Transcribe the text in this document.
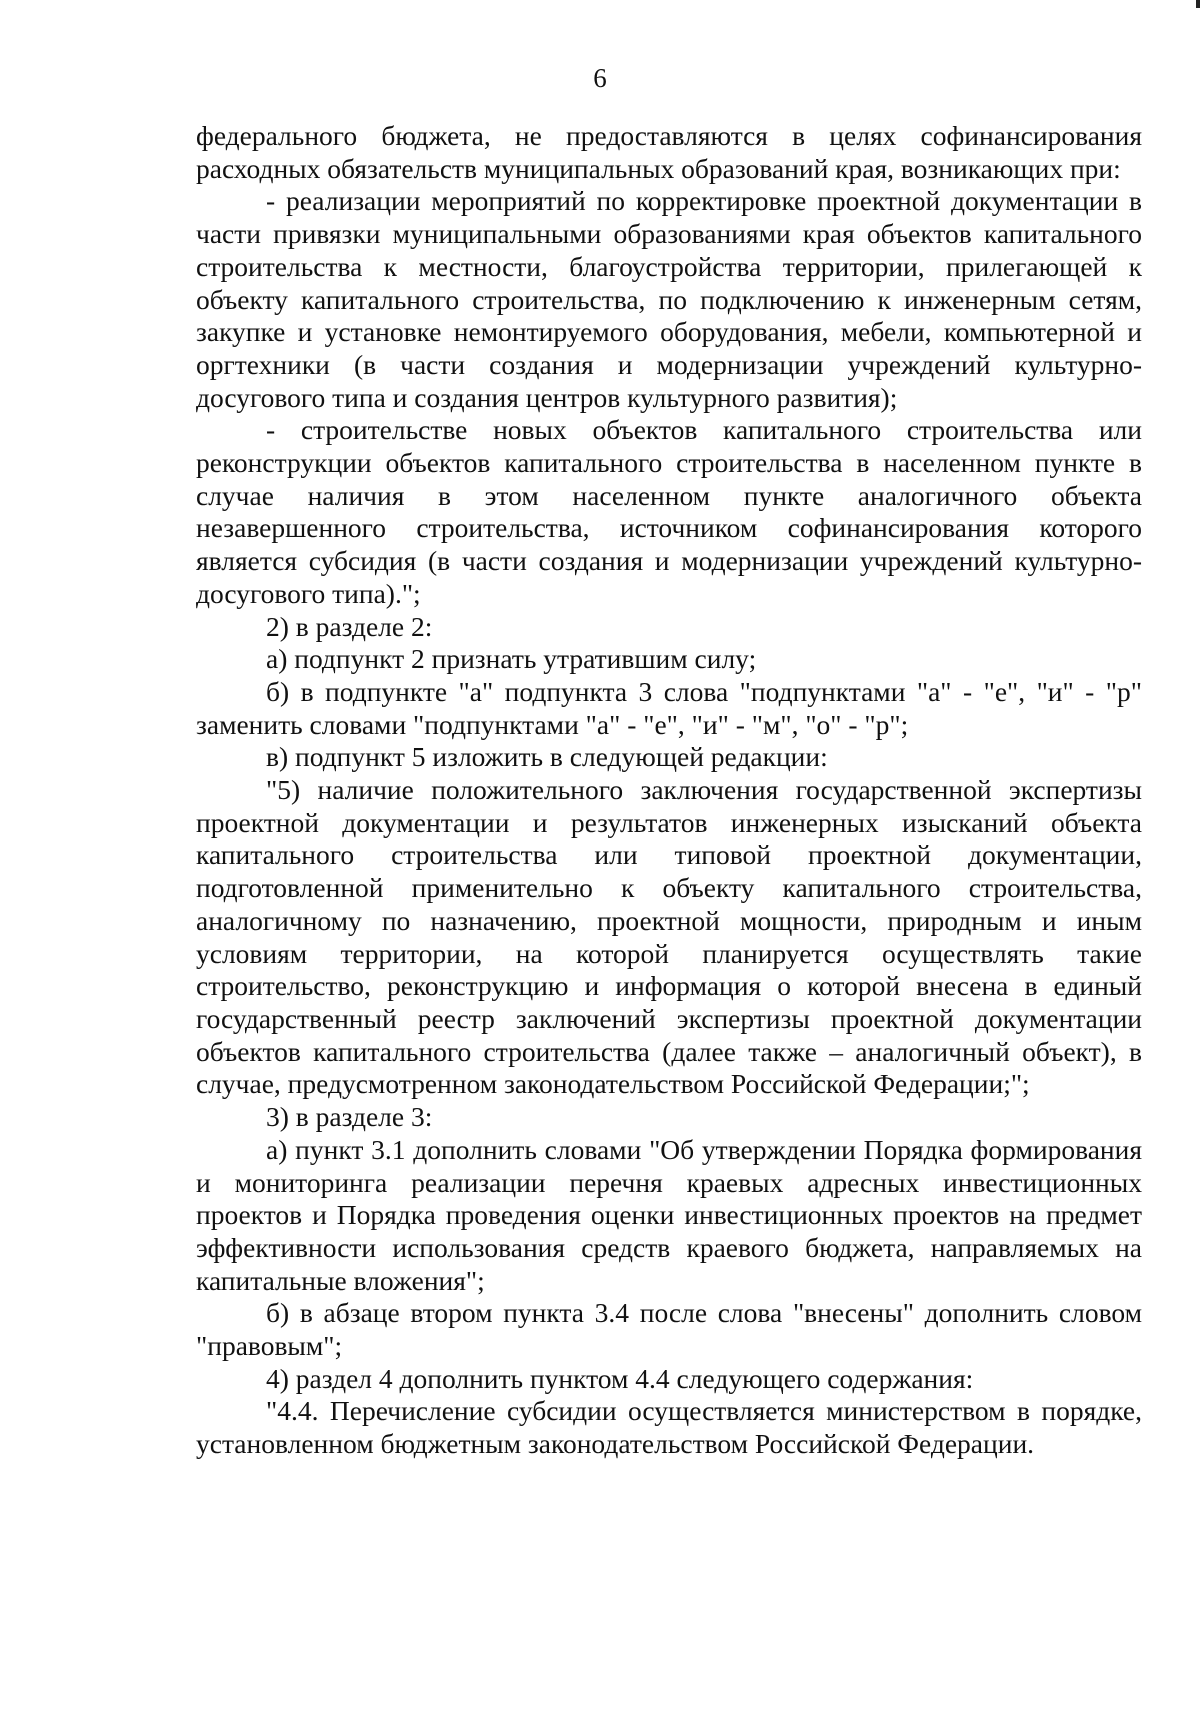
6

федерального бюджета, не предоставляются в целях софинансирования расходных обязательств муниципальных образований края, возникающих при:

- реализации мероприятий по корректировке проектной документации в части привязки муниципальными образованиями края объектов капитального строительства к местности, благоустройства территории, прилегающей к объекту капитального строительства, по подключению к инженерным сетям, закупке и установке немонтируемого оборудования, мебели, компьютерной и оргтехники (в части создания и модернизации учреждений культурно-досугового типа и создания центров культурного развития);

- строительстве новых объектов капитального строительства или реконструкции объектов капитального строительства в населенном пункте в случае наличия в этом населенном пункте аналогичного объекта незавершенного строительства, источником софинансирования которого является субсидия (в части создания и модернизации учреждений культурно-досугового типа).";

2) в разделе 2:

а) подпункт 2 признать утратившим силу;

б) в подпункте "а" подпункта 3 слова "подпунктами "а" - "е", "и" - "р" заменить словами "подпунктами "а" - "е", "и" - "м", "о" - "р";

в) подпункт 5 изложить в следующей редакции:

"5) наличие положительного заключения государственной экспертизы проектной документации и результатов инженерных изысканий объекта капитального строительства или типовой проектной документации, подготовленной применительно к объекту капитального строительства, аналогичному по назначению, проектной мощности, природным и иным условиям территории, на которой планируется осуществлять такие строительство, реконструкцию и информация о которой внесена в единый государственный реестр заключений экспертизы проектной документации объектов капитального строительства (далее также – аналогичный объект), в случае, предусмотренном законодательством Российской Федерации;";

3) в разделе 3:

а) пункт 3.1 дополнить словами "Об утверждении Порядка формирования и мониторинга реализации перечня краевых адресных инвестиционных проектов и Порядка проведения оценки инвестиционных проектов на предмет эффективности использования средств краевого бюджета, направляемых на капитальные вложения";

б) в абзаце втором пункта 3.4 после слова "внесены" дополнить словом "правовым";

4) раздел 4 дополнить пунктом 4.4 следующего содержания:

"4.4. Перечисление субсидии осуществляется министерством в порядке, установленном бюджетным законодательством Российской Федерации.
